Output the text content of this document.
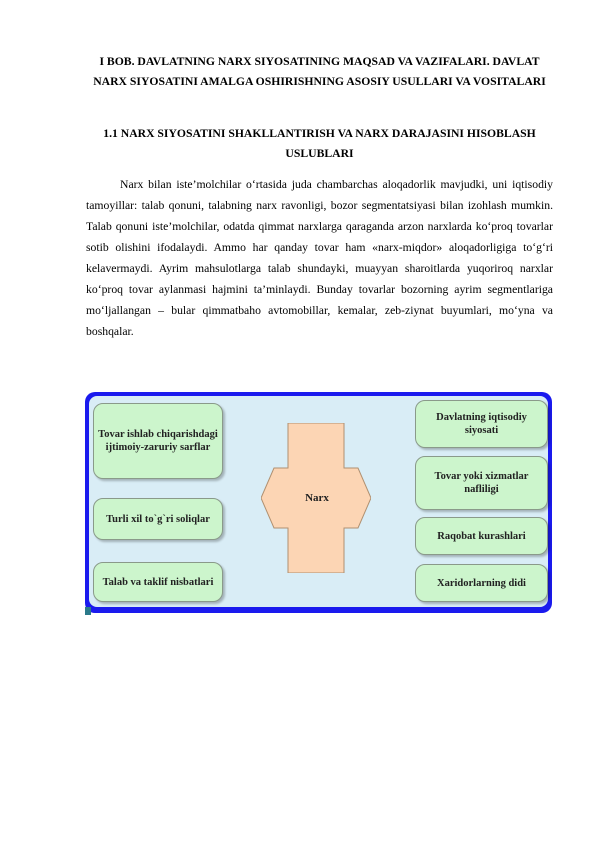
I BOB. DAVLATNING NARX SIYOSATINING MAQSAD VA VAZIFALARI. DAVLAT NARX SIYOSATINI AMALGA OSHIRISHNING ASOSIY USULLARI VA VOSITALARI

1.1 NARX SIYOSATINI SHAKLLANTIRISH VA NARX DARAJASINI HISOBLASH USLUBLARI

Narx bilan iste’molchilar o‘rtasida juda chambarchas aloqadorlik mavjudki, uni iqtisodiy tamoyillar: talab qonuni, talabning narx ravonligi, bozor segmentatsiyasi bilan izohlash mumkin. Talab qonuni iste’molchilar, odatda qimmat narxlarga qaraganda arzon narxlarda ko‘proq tovarlar sotib olishini ifodalaydi. Ammo har qanday tovar ham «narx-miqdor» aloqadorligiga to‘g‘ri kelavermaydi. Ayrim mahsulotlarga talab shundayki, muayyan sharoitlarda yuqoriroq narxlar ko‘proq tovar aylanmasi hajmini ta’minlaydi. Bunday tovarlar bozorning ayrim segmentlariga mo‘ljallangan – bular qimmatbaho avtomobillar, kemalar, zeb-ziynat buyumlari, mo‘yna va boshqalar.

Tovar ishlab chiqarishdagi ijtimoiy-zaruriy sarflar
Turli xil to`g`ri soliqlar
Talab va taklif nisbatlari
Narx
Davlatning iqtisodiy siyosati
Tovar yoki xizmatlar nafliligi
Raqobat kurashlari
Xaridorlarning didi
